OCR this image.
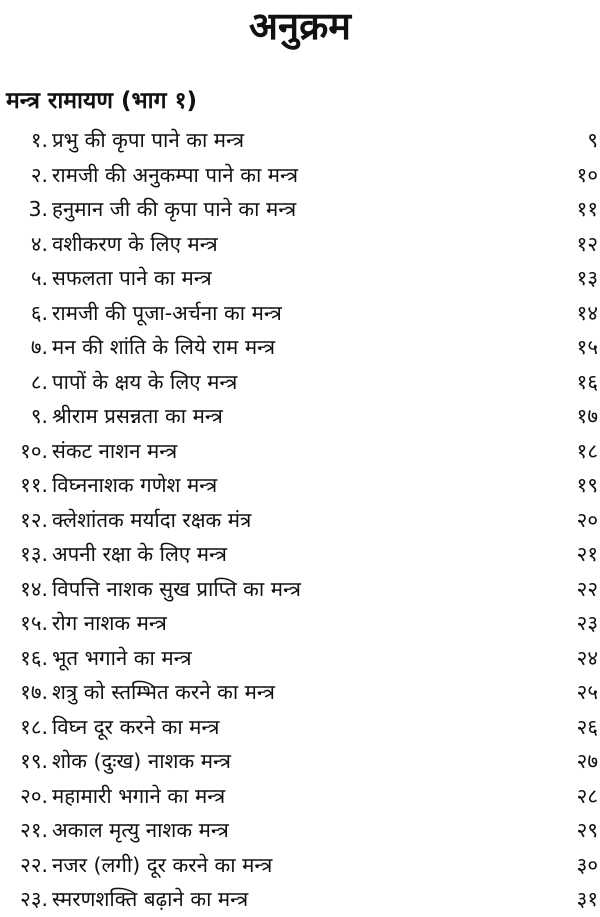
अनुक्रम
मन्त्र रामायण (भाग १)
१. प्रभु की कृपा पाने का मन्त्र	९
२. रामजी की अनुकम्पा पाने का मन्त्र	१०
3. हनुमान जी की कृपा पाने का मन्त्र	११
४. वशीकरण के लिए मन्त्र	१२
५. सफलता पाने का मन्त्र	१३
६. रामजी की पूजा-अर्चना का मन्त्र	१४
७. मन की शांति के लिये राम मन्त्र	१५
८. पापों के क्षय के लिए मन्त्र	१६
९. श्रीराम प्रसन्नता का मन्त्र	१७
१०. संकट नाशन मन्त्र	१८
११. विघ्ननाशक गणेश मन्त्र	१९
१२. क्लेशांतक मर्यादा रक्षक मंत्र	२०
१३. अपनी रक्षा के लिए मन्त्र	२१
१४. विपत्ति नाशक सुख प्राप्ति का मन्त्र	२२
१५. रोग नाशक मन्त्र	२३
१६. भूत भगाने का मन्त्र	२४
१७. शत्रु को स्तम्भित करने का मन्त्र	२५
१८. विघ्न दूर करने का मन्त्र	२६
१९. शोक (दुःख) नाशक मन्त्र	२७
२०. महामारी भगाने का मन्त्र	२८
२१. अकाल मृत्यु नाशक मन्त्र	२९
२२. नजर (लगी) दूर करने का मन्त्र	३०
२३. स्मरणशक्ति बढ़ाने का मन्त्र	३१
